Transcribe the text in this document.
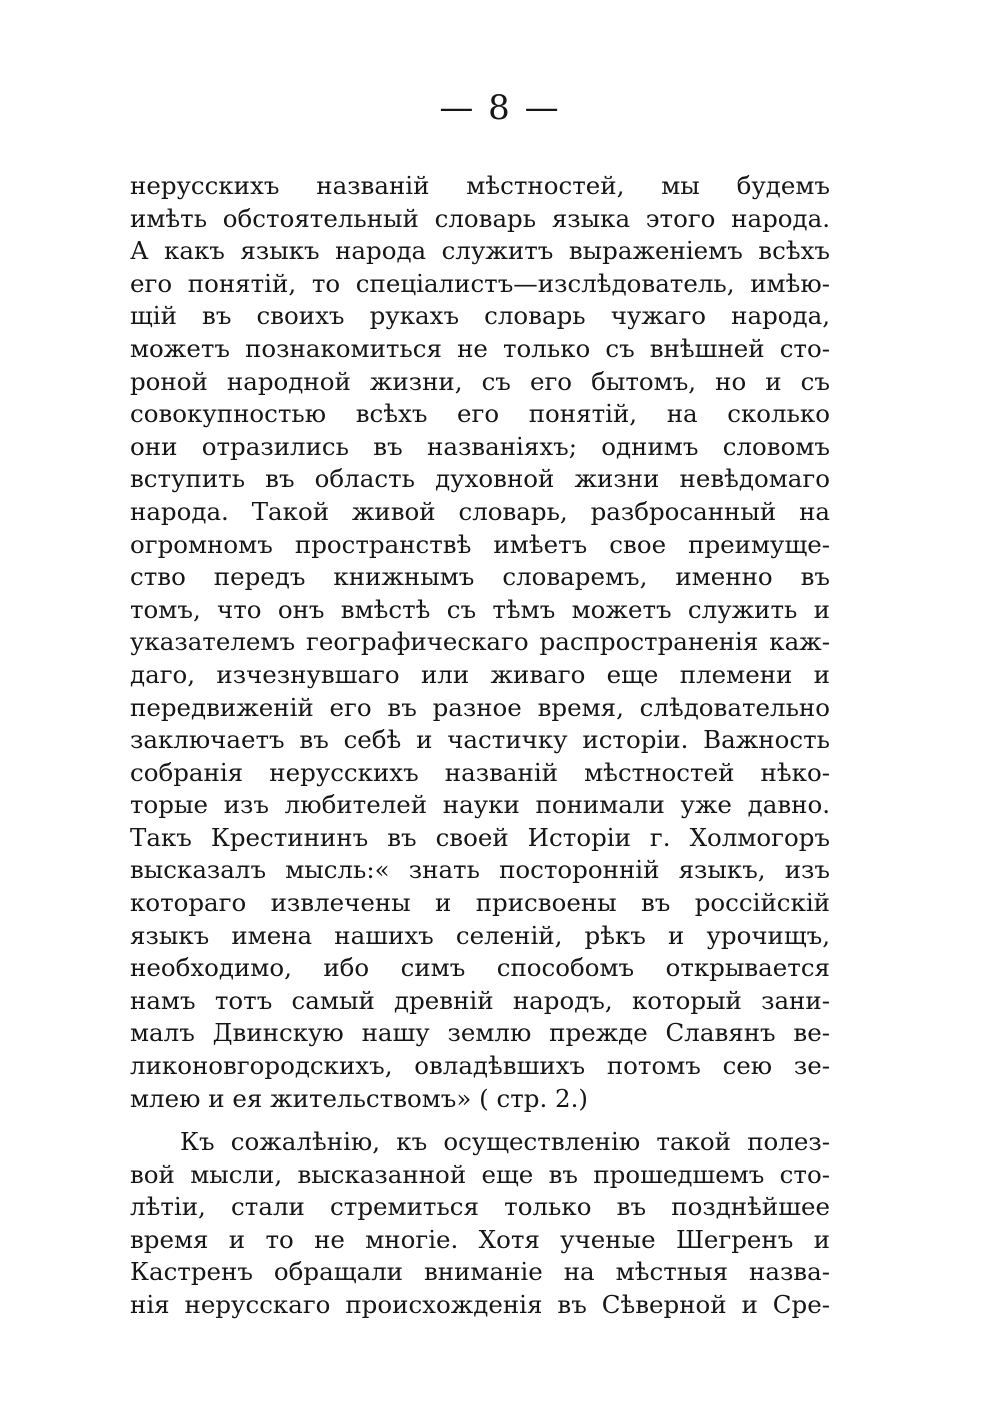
— 8 —
нерусскихъ названій мѣстностей, мы будемъ
имѣть обстоятельный словарь языка этого народа.
А какъ языкъ народа служитъ выраженіемъ всѣхъ
его понятій, то спеціалистъ—изслѣдователь, имѣю-
щій въ своихъ рукахъ словарь чужаго народа,
можетъ познакомиться не только съ внѣшней сто-
роной народной жизни, съ его бытомъ, но и съ
совокупностью всѣхъ его понятій, на сколько
они отразились въ названіяхъ; однимъ словомъ
вступить въ область духовной жизни невѣдомаго
народа. Такой живой словарь, разбросанный на
огромномъ пространствѣ имѣетъ свое преимуще-
ство передъ книжнымъ словаремъ, именно въ
томъ, что онъ вмѣстѣ съ тѣмъ можетъ служить и
указателемъ географическаго распространенія каж-
даго, изчезнувшаго или живаго еще племени и
передвиженій его въ разное время, слѣдовательно
заключаетъ въ себѣ и частичку исторіи. Важность
собранія нерусскихъ названій мѣстностей нѣко-
торые изъ любителей науки понимали уже давно.
Такъ Крестининъ въ своей Исторіи г. Холмогоръ
высказалъ мысль:« знать посторонній языкъ, изъ
котораго извлечены и присвоены въ россійскій
языкъ имена нашихъ селеній, рѣкъ и урочищъ,
необходимо, ибо симъ способомъ открывается
намъ тотъ самый древній народъ, который зани-
малъ Двинскую нашу землю прежде Славянъ ве-
ликоновгородскихъ, овладѣвшихъ потомъ сею зе-
млею и ея жительствомъ» ( стр. 2.)
Къ сожалѣнію, къ осуществленію такой полез-
вой мысли, высказанной еще въ прошедшемъ сто-
лѣтіи, стали стремиться только въ позднѣйшее
время и то не многіе. Хотя ученые Шегренъ и
Кастренъ обращали вниманіе на мѣстныя назва-
нія нерусскаго происхожденія въ Сѣверной и Сре-
